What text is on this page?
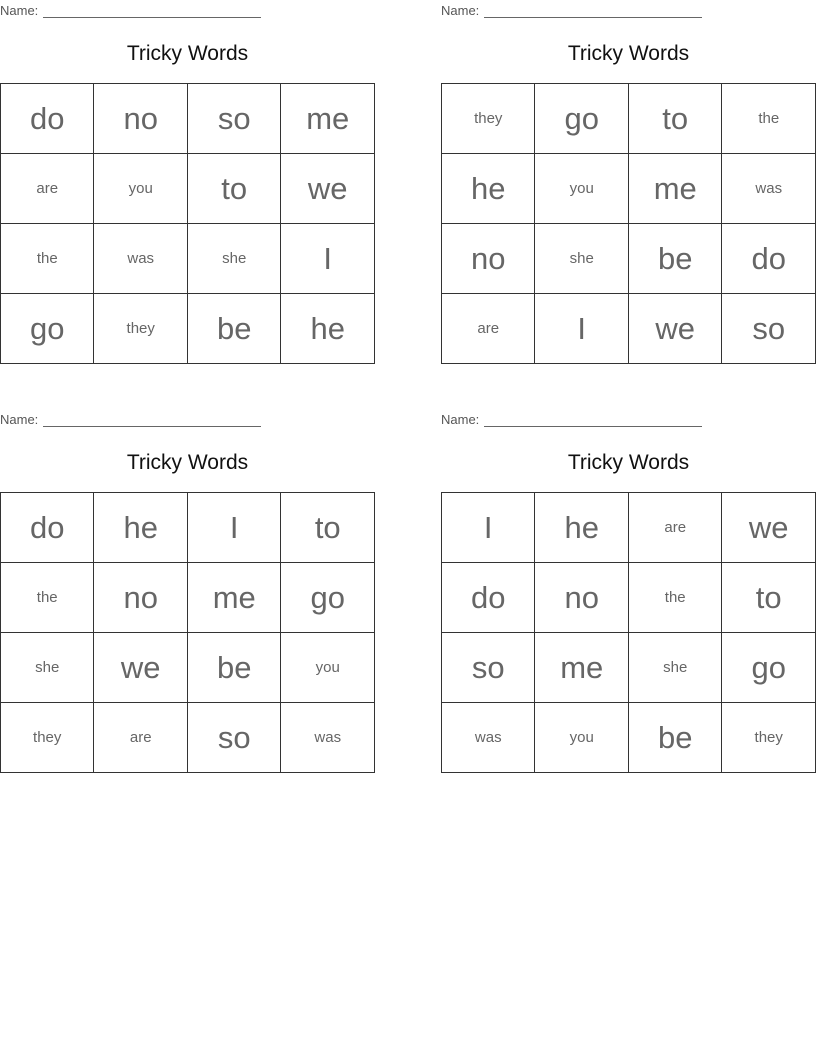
Name:
Tricky Words
do	no	so	me
are	you	to	we
the	was	she	I
go	they	be	he
Name:
Tricky Words
they	go	to	the
he	you	me	was
no	she	be	do
are	I	we	so
Name:
Tricky Words
do	he	I	to
the	no	me	go
she	we	be	you
they	are	so	was
Name:
Tricky Words
I	he	are	we
do	no	the	to
so	me	she	go
was	you	be	they
